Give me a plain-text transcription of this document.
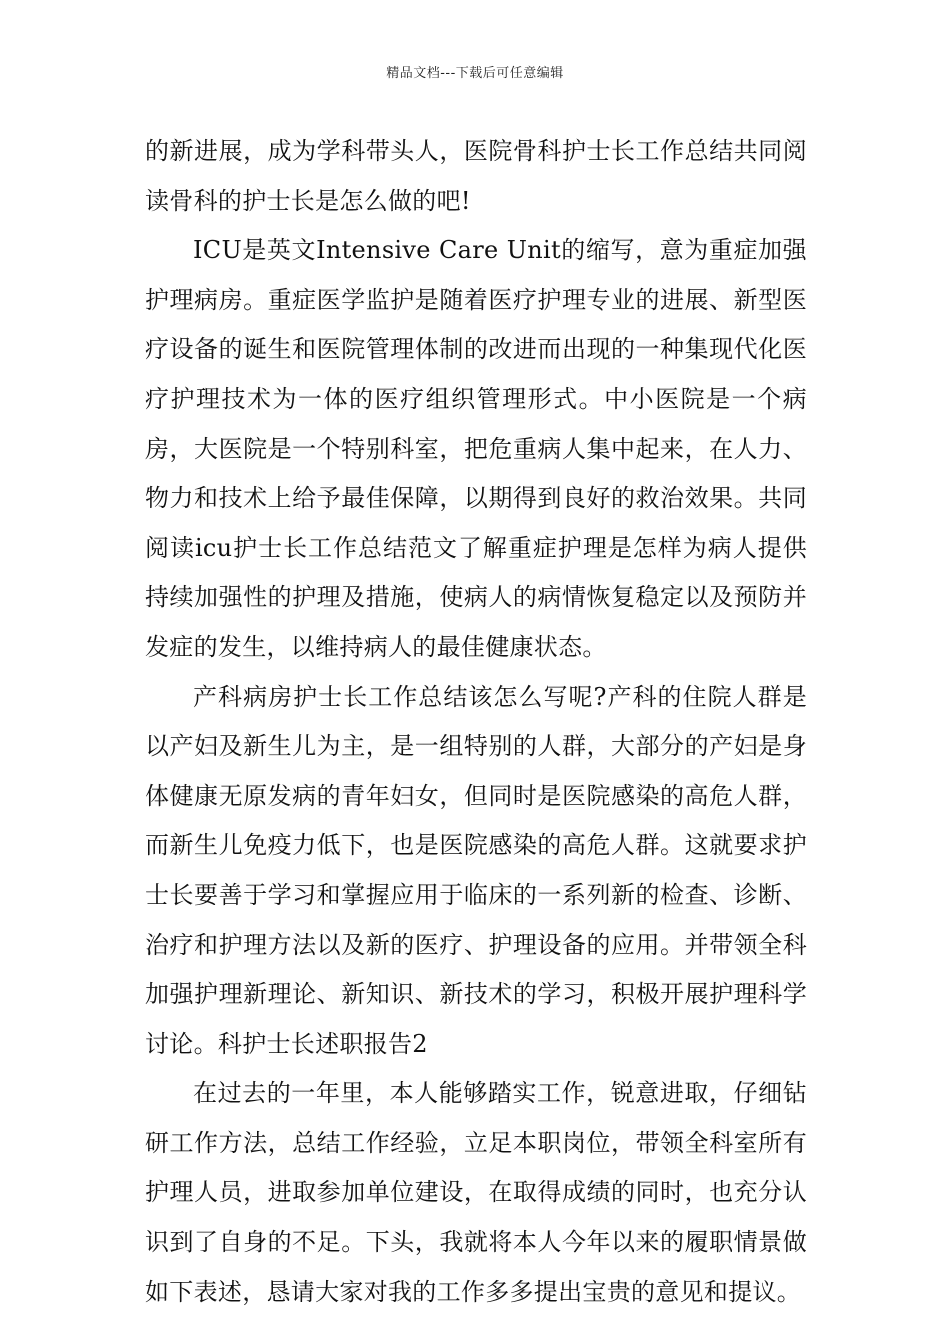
精品文档---下载后可任意编辑

的新进展，成为学科带头人，医院骨科护士长工作总结共同阅读骨科的护士长是怎么做的吧!

ICU是英文Intensive Care Unit的缩写，意为重症加强护理病房。重症医学监护是随着医疗护理专业的进展、新型医疗设备的诞生和医院管理体制的改进而出现的一种集现代化医疗护理技术为一体的医疗组织管理形式。中小医院是一个病房，大医院是一个特别科室，把危重病人集中起来，在人力、物力和技术上给予最佳保障，以期得到良好的救治效果。共同阅读icu护士长工作总结范文了解重症护理是怎样为病人提供持续加强性的护理及措施，使病人的病情恢复稳定以及预防并发症的发生，以维持病人的最佳健康状态。

产科病房护士长工作总结该怎么写呢?产科的住院人群是以产妇及新生儿为主，是一组特别的人群，大部分的产妇是身体健康无原发病的青年妇女，但同时是医院感染的高危人群，而新生儿免疫力低下，也是医院感染的高危人群。这就要求护士长要善于学习和掌握应用于临床的一系列新的检查、诊断、治疗和护理方法以及新的医疗、护理设备的应用。并带领全科加强护理新理论、新知识、新技术的学习，积极开展护理科学讨论。科护士长述职报告2

在过去的一年里，本人能够踏实工作，锐意进取，仔细钻研工作方法，总结工作经验，立足本职岗位，带领全科室所有护理人员，进取参加单位建设，在取得成绩的同时，也充分认识到了自身的不足。下头，我就将本人今年以来的履职情景做如下表述，恳请大家对我的工作多多提出宝贵的意见和提议。
